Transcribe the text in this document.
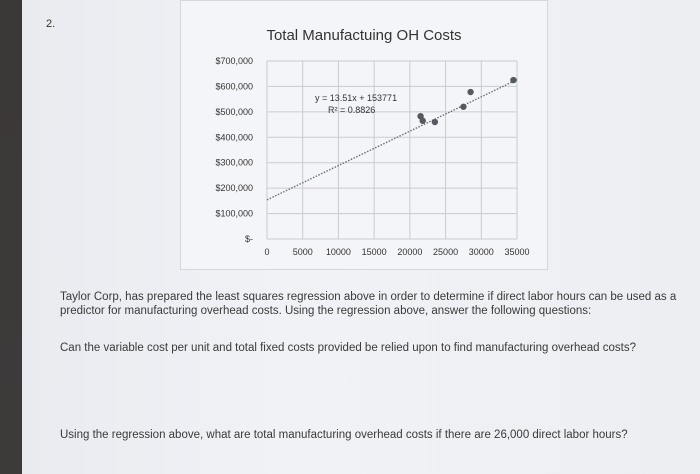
2.
Total Manufactuing OH Costs
$700,000
$600,000
$500,000
$400,000
$300,000
$200,000
$100,000
$-
0	5000 10000 15000 20000 25000 30000 35000
y = 13.51x + 153771
R² = 0.8826
Taylor Corp, has prepared the least squares regression above in order to determine if direct labor hours can be used as a predictor for manufacturing overhead costs. Using the regression above, answer the following questions:
Can the variable cost per unit and total fixed costs provided be relied upon to find manufacturing overhead costs?
Using the regression above, what are total manufacturing overhead costs if there are 26,000 direct labor hours?
